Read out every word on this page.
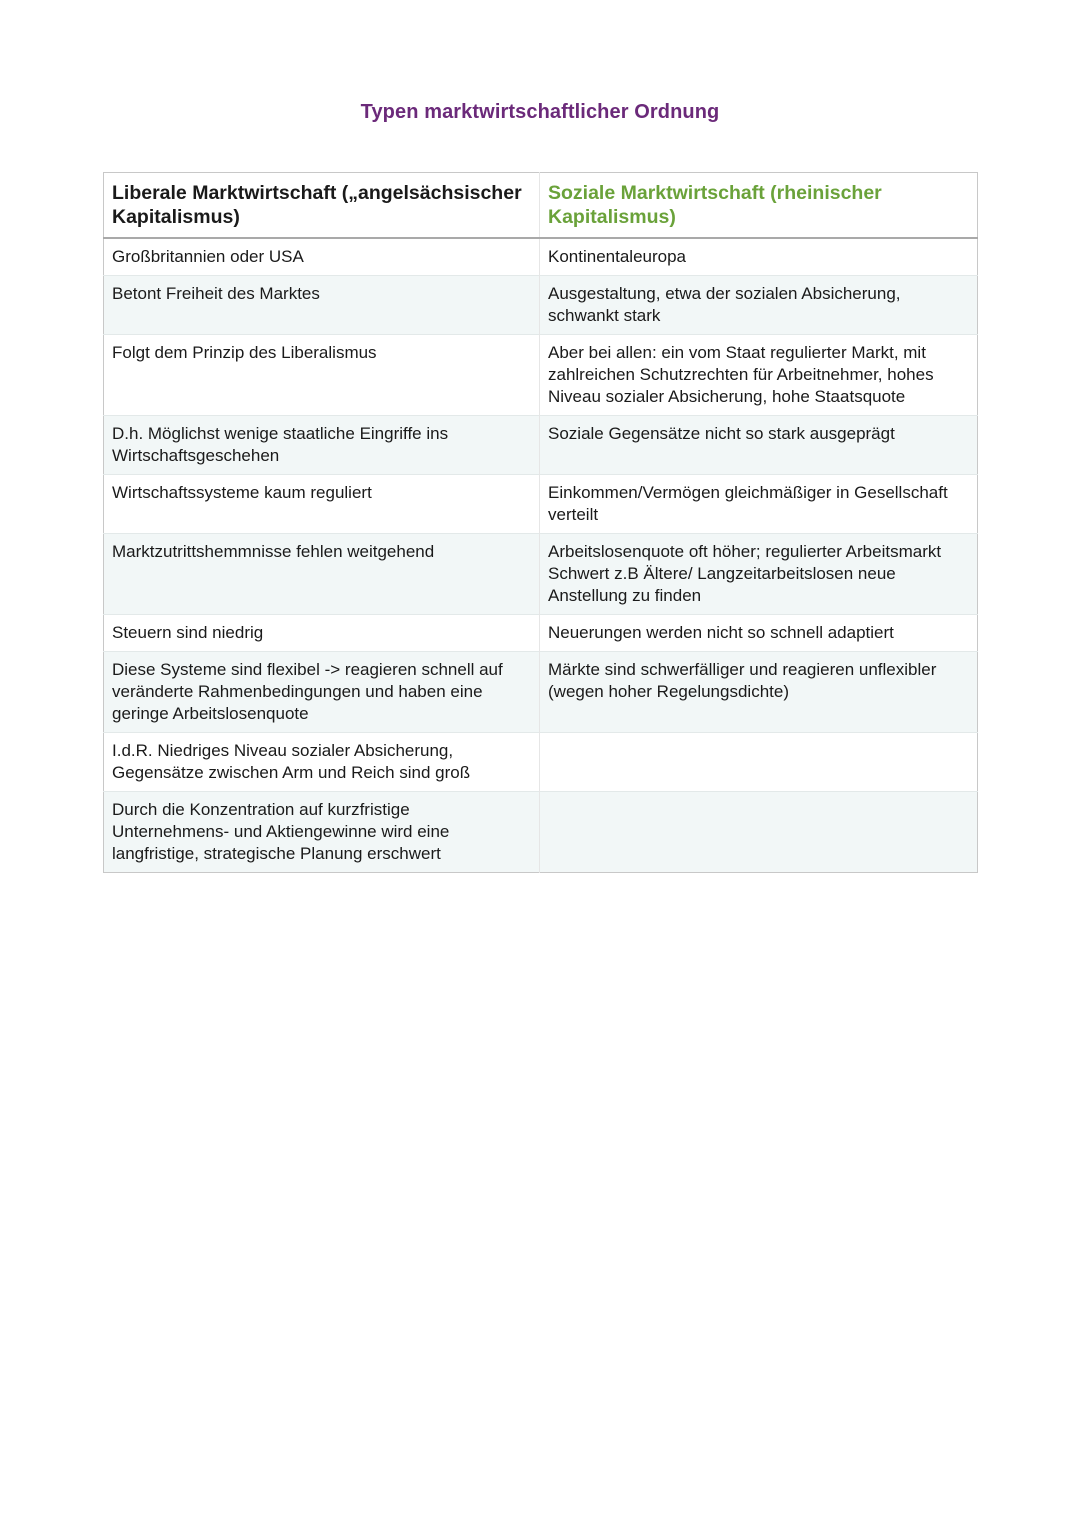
Typen marktwirtschaftlicher Ordnung
Liberale Marktwirtschaft („angelsächsischer Kapitalismus)	Soziale Marktwirtschaft (rheinischer Kapitalismus)
Großbritannien oder USA	Kontinentaleuropa
Betont Freiheit des Marktes	Ausgestaltung, etwa der sozialen Absicherung, schwankt stark
Folgt dem Prinzip des Liberalismus	Aber bei allen: ein vom Staat regulierter Markt, mit zahlreichen Schutzrechten für Arbeitnehmer, hohes Niveau sozialer Absicherung, hohe Staatsquote
D.h. Möglichst wenige staatliche Eingriffe ins Wirtschaftsgeschehen	Soziale Gegensätze nicht so stark ausgeprägt
Wirtschaftssysteme kaum reguliert	Einkommen/Vermögen gleichmäßiger in Gesellschaft verteilt
Marktzutrittshemmnisse fehlen weitgehend	Arbeitslosenquote oft höher; regulierter Arbeitsmarkt Schwert z.B Ältere/ Langzeitarbeitslosen neue Anstellung zu finden
Steuern sind niedrig	Neuerungen werden nicht so schnell adaptiert
Diese Systeme sind flexibel -> reagieren schnell auf veränderte Rahmenbedingungen und haben eine geringe Arbeitslosenquote	Märkte sind schwerfälliger und reagieren unflexibler (wegen hoher Regelungsdichte)
I.d.R. Niedriges Niveau sozialer Absicherung, Gegensätze zwischen Arm und Reich sind groß	
Durch die Konzentration auf kurzfristige Unternehmens- und Aktiengewinne wird eine langfristige, strategische Planung erschwert	
